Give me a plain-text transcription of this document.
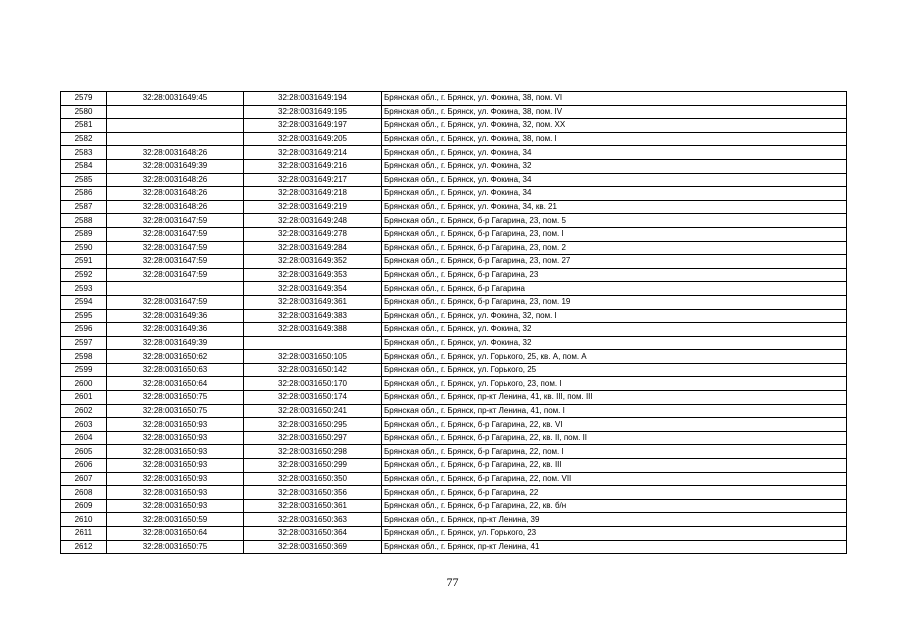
2579	32:28:0031649:45	32:28:0031649:194	Брянская обл., г. Брянск, ул. Фокина, 38, пом. VI
2580		32:28:0031649:195	Брянская обл., г. Брянск, ул. Фокина, 38, пом. IV
2581		32:28:0031649:197	Брянская обл., г. Брянск, ул. Фокина, 32, пом. XX
2582		32:28:0031649:205	Брянская обл., г. Брянск, ул. Фокина, 38, пом. I
2583	32:28:0031648:26	32:28:0031649:214	Брянская обл., г. Брянск, ул. Фокина, 34
2584	32:28:0031649:39	32:28:0031649:216	Брянская обл., г. Брянск, ул. Фокина, 32
2585	32:28:0031648:26	32:28:0031649:217	Брянская обл., г. Брянск, ул. Фокина, 34
2586	32:28:0031648:26	32:28:0031649:218	Брянская обл., г. Брянск, ул. Фокина, 34
2587	32:28:0031648:26	32:28:0031649:219	Брянская обл., г. Брянск, ул. Фокина, 34, кв. 21
2588	32:28:0031647:59	32:28:0031649:248	Брянская обл., г. Брянск, б-р Гагарина, 23, пом. 5
2589	32:28:0031647:59	32:28:0031649:278	Брянская обл., г. Брянск, б-р Гагарина, 23, пом. I
2590	32:28:0031647:59	32:28:0031649:284	Брянская обл., г. Брянск, б-р Гагарина, 23, пом. 2
2591	32:28:0031647:59	32:28:0031649:352	Брянская обл., г. Брянск, б-р Гагарина, 23, пом. 27
2592	32:28:0031647:59	32:28:0031649:353	Брянская обл., г. Брянск, б-р Гагарина, 23
2593		32:28:0031649:354	Брянская обл., г. Брянск, б-р Гагарина
2594	32:28:0031647:59	32:28:0031649:361	Брянская обл., г. Брянск, б-р Гагарина, 23, пом. 19
2595	32:28:0031649:36	32:28:0031649:383	Брянская обл., г. Брянск, ул. Фокина, 32, пом. I
2596	32:28:0031649:36	32:28:0031649:388	Брянская обл., г. Брянск, ул. Фокина, 32
2597	32:28:0031649:39		Брянская обл., г. Брянск, ул. Фокина, 32
2598	32:28:0031650:62	32:28:0031650:105	Брянская обл., г. Брянск, ул. Горького, 25, кв. А, пом. А
2599	32:28:0031650:63	32:28:0031650:142	Брянская обл., г. Брянск, ул. Горького, 25
2600	32:28:0031650:64	32:28:0031650:170	Брянская обл., г. Брянск, ул. Горького, 23, пом. I
2601	32:28:0031650:75	32:28:0031650:174	Брянская обл., г. Брянск, пр-кт Ленина, 41, кв. III, пом. III
2602	32:28:0031650:75	32:28:0031650:241	Брянская обл., г. Брянск, пр-кт Ленина, 41, пом. I
2603	32:28:0031650:93	32:28:0031650:295	Брянская обл., г. Брянск, б-р Гагарина, 22, кв. VI
2604	32:28:0031650:93	32:28:0031650:297	Брянская обл., г. Брянск, б-р Гагарина, 22, кв. II, пом. II
2605	32:28:0031650:93	32:28:0031650:298	Брянская обл., г. Брянск, б-р Гагарина, 22, пом. I
2606	32:28:0031650:93	32:28:0031650:299	Брянская обл., г. Брянск, б-р Гагарина, 22, кв. III
2607	32:28:0031650:93	32:28:0031650:350	Брянская обл., г. Брянск, б-р Гагарина, 22, пом. VII
2608	32:28:0031650:93	32:28:0031650:356	Брянская обл., г. Брянск, б-р Гагарина, 22
2609	32:28:0031650:93	32:28:0031650:361	Брянская обл., г. Брянск, б-р Гагарина, 22, кв. б/н
2610	32:28:0031650:59	32:28:0031650:363	Брянская обл., г. Брянск, пр-кт Ленина, 39
2611	32:28:0031650:64	32:28:0031650:364	Брянская обл., г. Брянск, ул. Горького, 23
2612	32:28:0031650:75	32:28:0031650:369	Брянская обл., г. Брянск, пр-кт Ленина, 41
77
